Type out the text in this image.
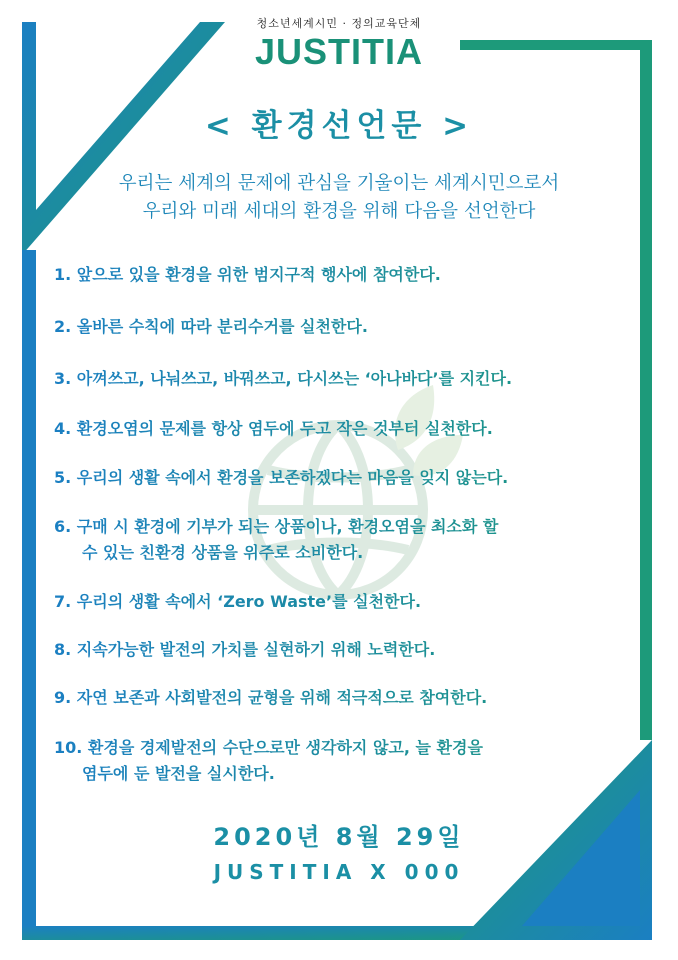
청소년세계시민 · 정의교육단체
JUSTITIA
< 환경선언문 >
우리는 세계의 문제에 관심을 기울이는 세계시민으로서
우리와 미래 세대의 환경을 위해 다음을 선언한다
1. 앞으로 있을 환경을 위한 범지구적 행사에 참여한다.
2. 올바른 수칙에 따라 분리수거를 실천한다.
3. 아껴쓰고, 나눠쓰고, 바꿔쓰고, 다시쓰는 ‘아나바다’를 지킨다.
4. 환경오염의 문제를 항상 염두에 두고 작은 것부터 실천한다.
5. 우리의 생활 속에서 환경을 보존하겠다는 마음을 잊지 않는다.
6. 구매 시 환경에 기부가 되는 상품이나, 환경오염을 최소화 할
수 있는 친환경 상품을 위주로 소비한다.
7. 우리의 생활 속에서 ‘Zero Waste’를 실천한다.
8. 지속가능한 발전의 가치를 실현하기 위해 노력한다.
9. 자연 보존과 사회발전의 균형을 위해 적극적으로 참여한다.
10. 환경을 경제발전의 수단으로만 생각하지 않고, 늘 환경을
염두에 둔 발전을 실시한다.
2020년 8월 29일
JUSTITIA X 000
